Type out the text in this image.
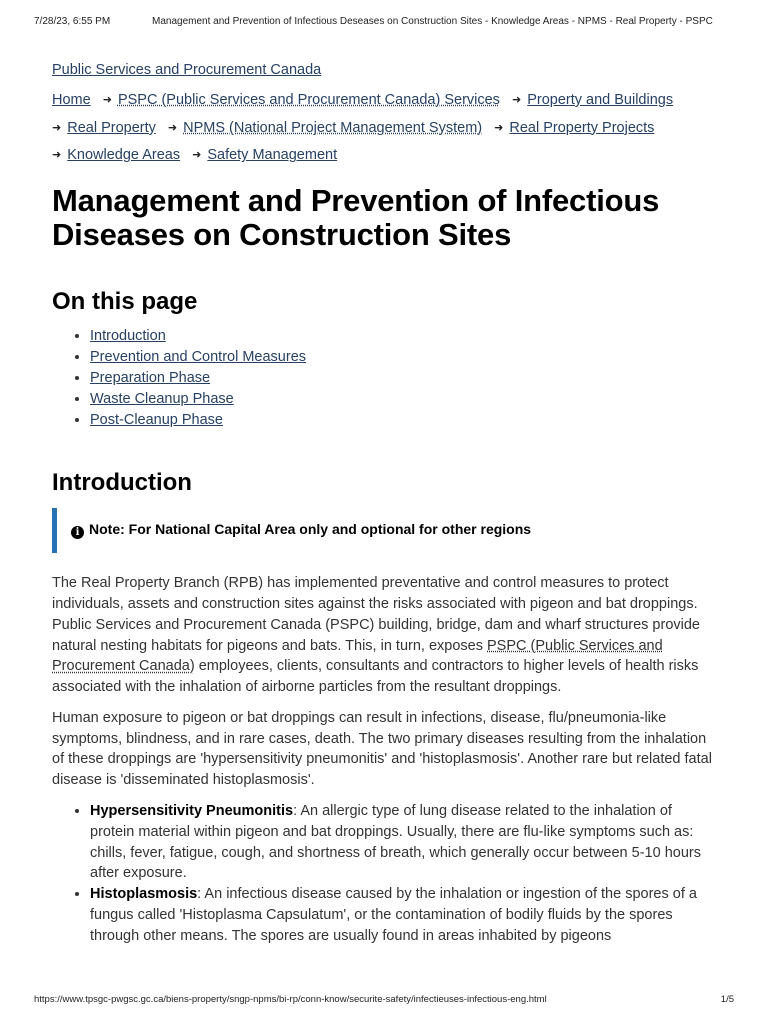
7/28/23, 6:55 PM	Management and Prevention of Infectious Deseases on Construction Sites - Knowledge Areas - NPMS - Real Property - PSPC
Public Services and Procurement Canada
Home ➜ PSPC (Public Services and Procurement Canada) Services ➜ Property and Buildings
➜ Real Property ➜ NPMS (National Project Management System) ➜ Real Property Projects
➜ Knowledge Areas ➜ Safety Management
Management and Prevention of Infectious Diseases on Construction Sites
On this page
• Introduction
• Prevention and Control Measures
• Preparation Phase
• Waste Cleanup Phase
• Post-Cleanup Phase
Introduction
i Note: For National Capital Area only and optional for other regions

The Real Property Branch (RPB) has implemented preventative and control measures to protect individuals, assets and construction sites against the risks associated with pigeon and bat droppings. Public Services and Procurement Canada (PSPC) building, bridge, dam and wharf structures provide natural nesting habitats for pigeons and bats. This, in turn, exposes PSPC (Public Services and Procurement Canada) employees, clients, consultants and contractors to higher levels of health risks associated with the inhalation of airborne particles from the resultant droppings.

Human exposure to pigeon or bat droppings can result in infections, disease, flu/pneumonia-like symptoms, blindness, and in rare cases, death. The two primary diseases resulting from the inhalation of these droppings are 'hypersensitivity pneumonitis' and 'histoplasmosis'. Another rare but related fatal disease is 'disseminated histoplasmosis'.

• Hypersensitivity Pneumonitis: An allergic type of lung disease related to the inhalation of protein material within pigeon and bat droppings. Usually, there are flu-like symptoms such as: chills, fever, fatigue, cough, and shortness of breath, which generally occur between 5-10 hours after exposure.
• Histoplasmosis: An infectious disease caused by the inhalation or ingestion of the spores of a fungus called 'Histoplasma Capsulatum', or the contamination of bodily fluids by the spores through other means. The spores are usually found in areas inhabited by pigeons
https://www.tpsgc-pwgsc.gc.ca/biens-property/sngp-npms/bi-rp/conn-know/securite-safety/infectieuses-infectious-eng.html	1/5
